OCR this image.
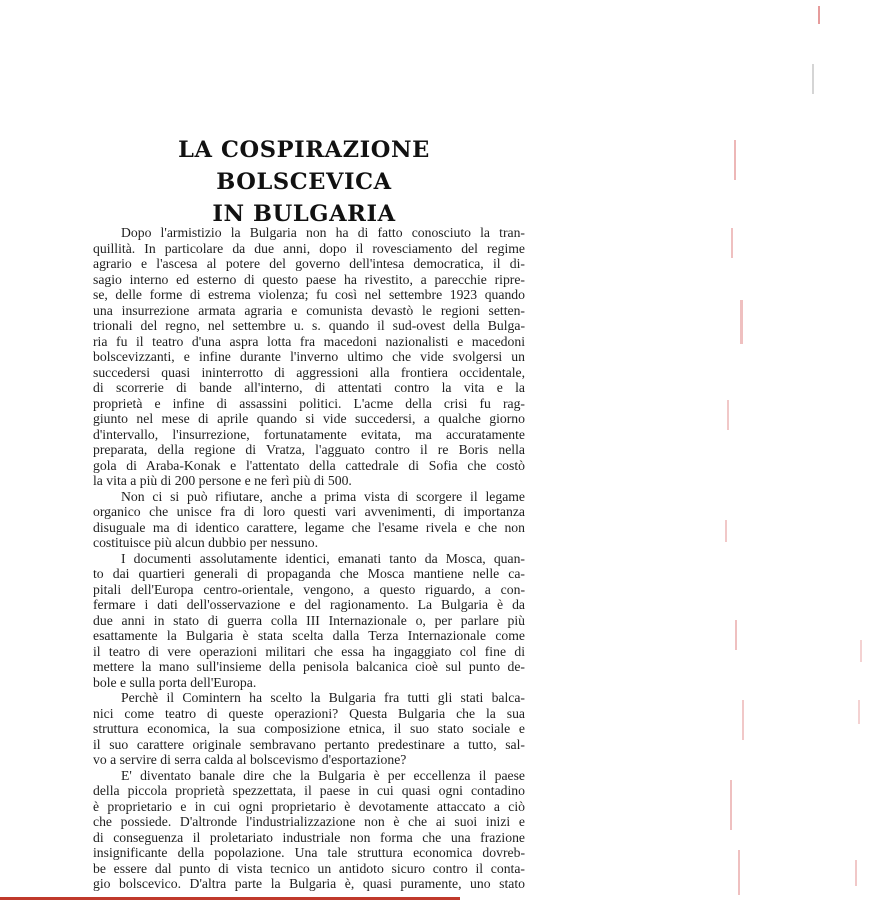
LA COSPIRAZIONE BOLSCEVICA
IN BULGARIA
Dopo l'armistizio la Bulgaria non ha di fatto conosciuto la tran-
quillità. In particolare da due anni, dopo il rovesciamento del regime
agrario e l'ascesa al potere del governo dell'intesa democratica, il di-
sagio interno ed esterno di questo paese ha rivestito, a parecchie ripre-
se, delle forme di estrema violenza; fu così nel settembre 1923 quando
una insurrezione armata agraria e comunista devastò le regioni setten-
trionali del regno, nel settembre u. s. quando il sud-ovest della Bulga-
ria fu il teatro d'una aspra lotta fra macedoni nazionalisti e macedoni
bolscevizzanti, e infine durante l'inverno ultimo che vide svolgersi un
succedersi quasi ininterrotto di aggressioni alla frontiera occidentale,
di scorrerie di bande all'interno, di attentati contro la vita e la
proprietà e infine di assassini politici. L'acme della crisi fu rag-
giunto nel mese di aprile quando si vide succedersi, a qualche giorno
d'intervallo, l'insurrezione, fortunatamente evitata, ma accuratamente
preparata, della regione di Vratza, l'agguato contro il re Boris nella
gola di Araba-Konak e l'attentato della cattedrale di Sofia che costò
la vita a più di 200 persone e ne ferì più di 500.
Non ci si può rifiutare, anche a prima vista di scorgere il legame
organico che unisce fra di loro questi vari avvenimenti, di importanza
disuguale ma di identico carattere, legame che l'esame rivela e che non
costituisce più alcun dubbio per nessuno.
I documenti assolutamente identici, emanati tanto da Mosca, quan-
to dai quartieri generali di propaganda che Mosca mantiene nelle ca-
pitali dell'Europa centro-orientale, vengono, a questo riguardo, a con-
fermare i dati dell'osservazione e del ragionamento. La Bulgaria è da
due anni in stato di guerra colla III Internazionale o, per parlare più
esattamente la Bulgaria è stata scelta dalla Terza Internazionale come
il teatro di vere operazioni militari che essa ha ingaggiato col fine di
mettere la mano sull'insieme della penisola balcanica cioè sul punto de-
bole e sulla porta dell'Europa.
Perchè il Comintern ha scelto la Bulgaria fra tutti gli stati balca-
nici come teatro di queste operazioni? Questa Bulgaria che la sua
struttura economica, la sua composizione etnica, il suo stato sociale e
il suo carattere originale sembravano pertanto predestinare a tutto, sal-
vo a servire di serra calda al bolscevismo d'esportazione?
E' diventato banale dire che la Bulgaria è per eccellenza il paese
della piccola proprietà spezzettata, il paese in cui quasi ogni contadino
è proprietario e in cui ogni proprietario è devotamente attaccato a ciò
che possiede. D'altronde l'industrializzazione non è che ai suoi inizi e
di conseguenza il proletariato industriale non forma che una frazione
insignificante della popolazione. Una tale struttura economica dovreb-
be essere dal punto di vista tecnico un antidoto sicuro contro il conta-
gio bolscevico. D'altra parte la Bulgaria è, quasi puramente, uno stato
